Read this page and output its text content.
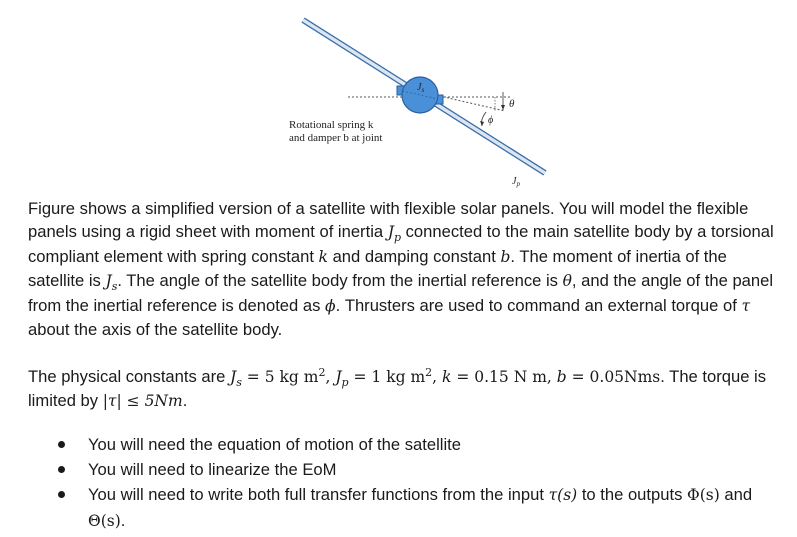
$J_s$
θ
ϕ
Rotational spring k
and damper b at joint
$J_p$

Figure shows a simplified version of a satellite with flexible solar panels. You will model the flexible panels using a rigid sheet with moment of inertia $J_p$ connected to the main satellite body by a torsional compliant element with spring constant k and damping constant b. The moment of inertia of the satellite is $J_s$. The angle of the satellite body from the inertial reference is θ, and the angle of the panel from the inertial reference is denoted as ϕ. Thrusters are used to command an external torque of τ about the axis of the satellite body.

The physical constants are $J_s = 5$ kg $m^2$, $J_p = 1$ kg $m^2$, k = 0.15 N m, b = 0.05Nms. The torque is limited by |τ| ≤ 5Nm.

You will need the equation of motion of the satellite
You will need to linearize the EoM
You will need to write both full transfer functions from the input τ(s) to the outputs Φ(s) and Θ(s).
